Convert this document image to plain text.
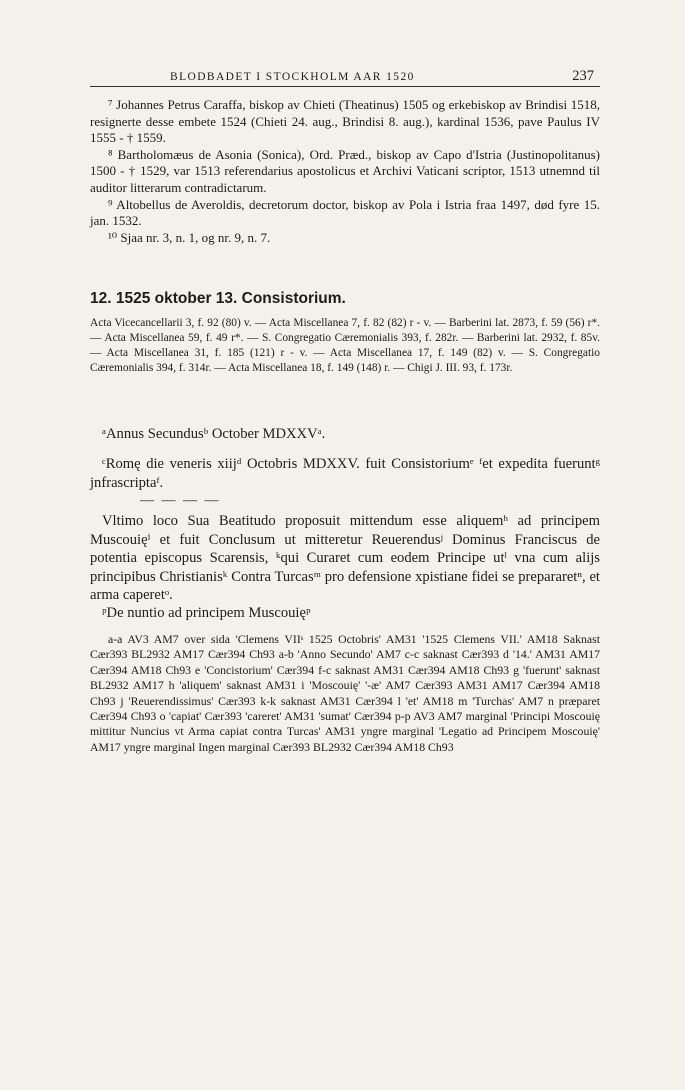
BLODBADET I STOCKHOLM AAR 1520	237

⁷ Johannes Petrus Caraffa, biskop av Chieti (Theatinus) 1505 og erkebiskop av Brindisi 1518, resignerte desse embete 1524 (Chieti 24. aug., Brindisi 8. aug.), kardinal 1536, pave Paulus IV 1555 - † 1559.

⁸ Bartholomæus de Asonia (Sonica), Ord. Præd., biskop av Capo d'Istria (Justinopolitanus) 1500 - † 1529, var 1513 referendarius apostolicus et Archivi Vaticani scriptor, 1513 utnemnd til auditor litterarum contradictarum.

⁹ Altobellus de Averoldis, decretorum doctor, biskop av Pola i Istria fraa 1497, død fyre 15. jan. 1532.

¹⁰ Sjaa nr. 3, n. 1, og nr. 9, n. 7.

12. 1525 oktober 13. Consistorium.

Acta Vicecancellarii 3, f. 92 (80) v. — Acta Miscellanea 7, f. 82 (82) r - v. — Barberini lat. 2873, f. 59 (56) r*. — Acta Miscellanea 59, f. 49 r*. — S. Congregatio Cæremonialis 393, f. 282r. — Barberini lat. 2932, f. 85v. — Acta Miscellanea 31, f. 185 (121) r - v. — Acta Miscellanea 17, f. 149 (82) v. — S. Congregatio Cæremonialis 394, f. 314r. — Acta Miscellanea 18, f. 149 (148) r. — Chigi J. III. 93, f. 173r.

ᵃAnnus Secundusᵇ October MDXXVᵃ.

ᶜRomę die veneris xiijᵈ Octobris MDXXV. fuit Consistoriumᵉ ᶠet expedita fueruntᵍ jnfrascriptaᶠ.

— — — —

Vltimo loco Sua Beatitudo proposuit mittendum esse aliquemʰ ad principem Muscouięⁱ et fuit Conclusum ut mitteretur Reuerendusʲ Dominus Franciscus de potentia episcopus Scarensis, ᵏqui Curaret cum eodem Principe utˡ vna cum alijs principibus Christianisᵏ Contra Turcasᵐ pro defensione xpistiane fidei se prepararetⁿ, et arma caperetᵒ.

ᵖDe nuntio ad principem Muscouięᵖ

a-a AV3 AM7 over sida 'Clemens VIIˢ 1525 Octobris' AM31 '1525 Clemens VII.' AM18 Saknast Cær393 BL2932 AM17 Cær394 Ch93 a-b 'Anno Secundo' AM7 c-c saknast Cær393 d '14.' AM31 AM17 Cær394 AM18 Ch93 e 'Concistorium' Cær394 f-c saknast AM31 Cær394 AM18 Ch93 g 'fuerunt' saknast BL2932 AM17 h 'aliquem' saknast AM31 i 'Moscouię' '-æ' AM7 Cær393 AM31 AM17 Cær394 AM18 Ch93 j 'Reuerendissimus' Cær393 k-k saknast AM31 Cær394 l 'et' AM18 m 'Turchas' AM7 n præparet Cær394 Ch93 o 'capiat' Cær393 'careret' AM31 'sumat' Cær394 p-p AV3 AM7 marginal 'Principi Moscouię mittitur Nuncius vt Arma capiat contra Turcas' AM31 yngre marginal 'Legatio ad Principem Moscouię' AM17 yngre marginal Ingen marginal Cær393 BL2932 Cær394 AM18 Ch93
